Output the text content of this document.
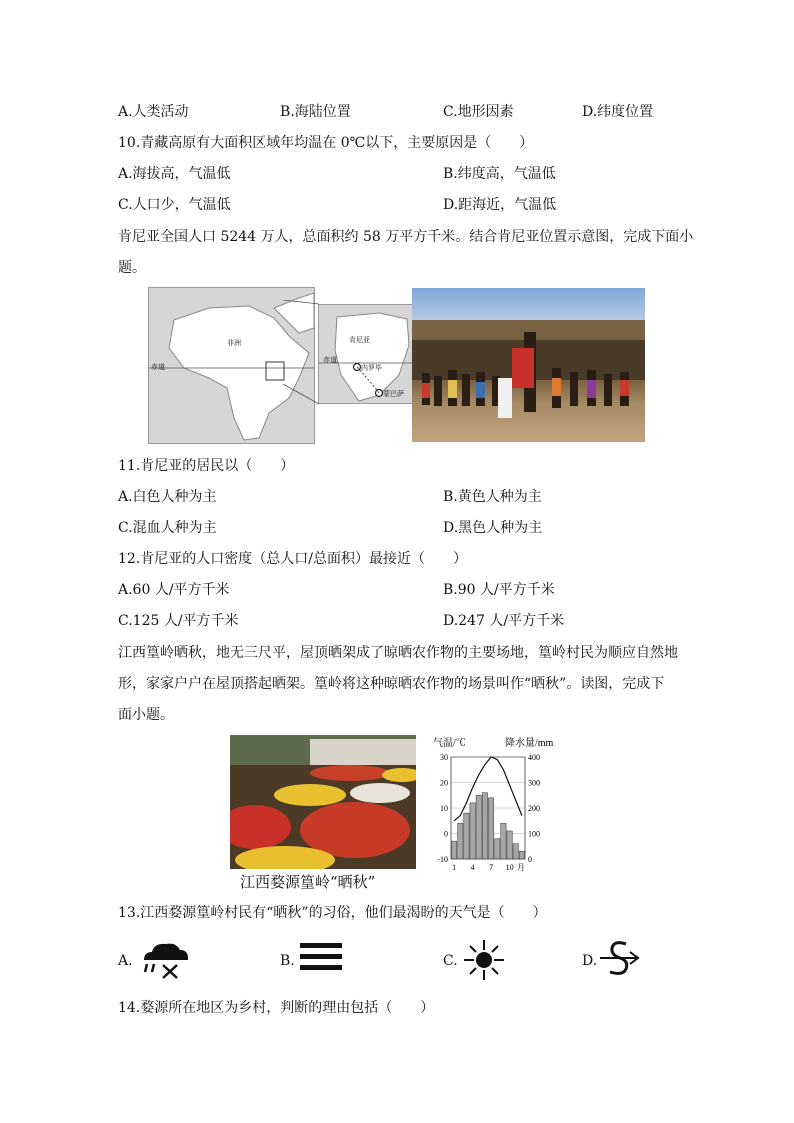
A.人类活动	B.海陆位置	C.地形因素	D.纬度位置
10.青藏高原有大面积区域年均温在 0℃以下，主要原因是（　　）
A.海拔高，气温低	B.纬度高，气温低
C.人口少，气温低	D.距海近，气温低
肯尼亚全国人口 5244 万人，总面积约 58 万平方千米。结合肯尼亚位置示意图，完成下面小
题。
非洲
赤道
肯尼亚
赤道
内罗毕
蒙巴萨
11.肯尼亚的居民以（　　）
A.白色人种为主	B.黄色人种为主
C.混血人种为主	D.黑色人种为主
12.肯尼亚的人口密度（总人口/总面积）最接近（　　）
A.60 人/平方千米	B.90 人/平方千米
C.125 人/平方千米	D.247 人/平方千米
江西篁岭晒秋，地无三尺平，屋顶晒架成了晾晒农作物的主要场地，篁岭村民为顺应自然地
形，家家户户在屋顶搭起晒架。篁岭将这种晾晒农作物的场景叫作“晒秋”。读图，完成下
面小题。
江西婺源篁岭“晒秋”
气温/℃	降水量/mm
30
20
10
0
-10
400
300
200
100
0
1 4 7 10 月
13.江西婺源篁岭村民有“晒秋”的习俗，他们最渴盼的天气是（　　）
A.	B.	C.	D.
14.婺源所在地区为乡村，判断的理由包括（　　）
